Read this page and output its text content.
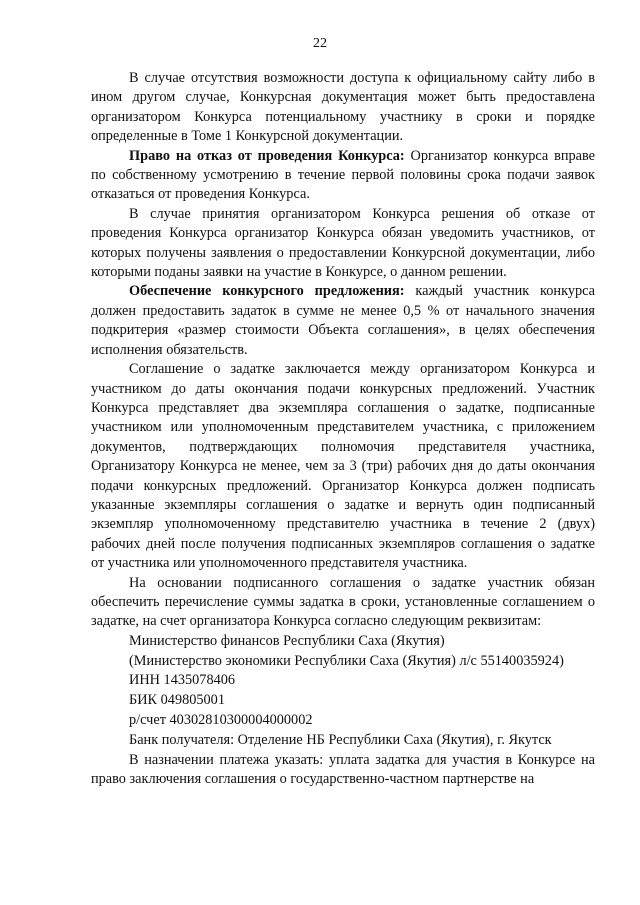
22

В случае отсутствия возможности доступа к официальному сайту либо в ином другом случае, Конкурсная документация может быть предоставлена организатором Конкурса потенциальному участнику в сроки и порядке определенные в Томе 1 Конкурсной документации.

Право на отказ от проведения Конкурса: Организатор конкурса вправе по собственному усмотрению в течение первой половины срока подачи заявок отказаться от проведения Конкурса.

В случае принятия организатором Конкурса решения об отказе от проведения Конкурса организатор Конкурса обязан уведомить участников, от которых получены заявления о предоставлении Конкурсной документации, либо которыми поданы заявки на участие в Конкурсе, о данном решении.

Обеспечение конкурсного предложения: каждый участник конкурса должен предоставить задаток в сумме не менее 0,5 % от начального значения подкритерия «размер стоимости Объекта соглашения», в целях обеспечения исполнения обязательств.

Соглашение о задатке заключается между организатором Конкурса и участником до даты окончания подачи конкурсных предложений. Участник Конкурса представляет два экземпляра соглашения о задатке, подписанные участником или уполномоченным представителем участника, с приложением документов, подтверждающих полномочия представителя участника, Организатору Конкурса не менее, чем за 3 (три) рабочих дня до даты окончания подачи конкурсных предложений. Организатор Конкурса должен подписать указанные экземпляры соглашения о задатке и вернуть один подписанный экземпляр уполномоченному представителю участника в течение 2 (двух) рабочих дней после получения подписанных экземпляров соглашения о задатке от участника или уполномоченного представителя участника.

На основании подписанного соглашения о задатке участник обязан обеспечить перечисление суммы задатка в сроки, установленные соглашением о задатке, на счет организатора Конкурса согласно следующим реквизитам:

Министерство финансов Республики Саха (Якутия)
(Министерство экономики Республики Саха (Якутия) л/с 55140035924)
ИНН 1435078406
БИК 049805001
р/счет 40302810300004000002
Банк получателя: Отделение НБ Республики Саха (Якутия), г. Якутск

В назначении платежа указать: уплата задатка для участия в Конкурсе на право заключения соглашения о государственно-частном партнерстве на
